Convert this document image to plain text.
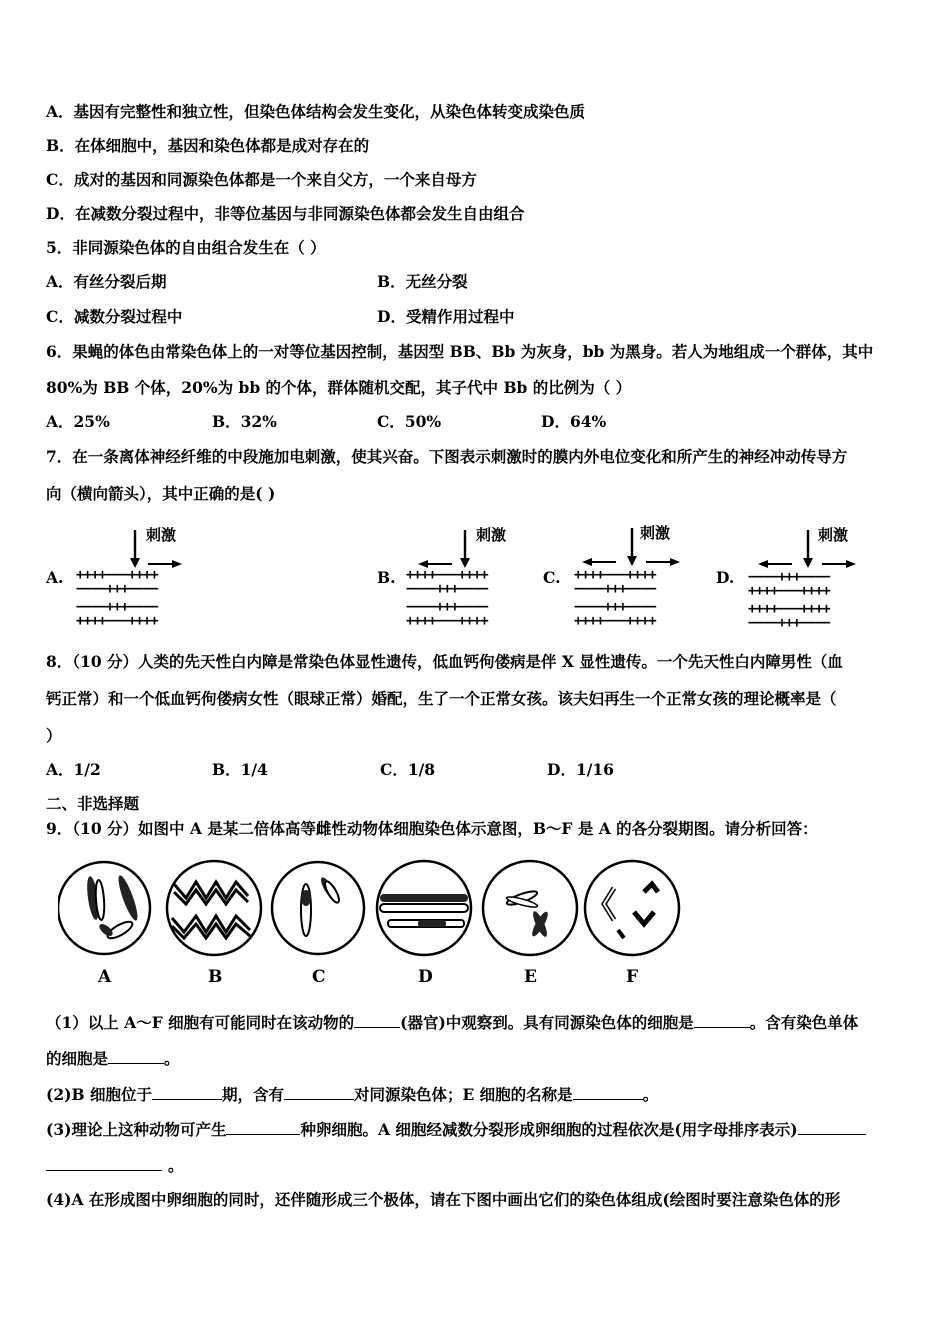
A．基因有完整性和独立性，但染色体结构会发生变化，从染色体转变成染色质
B．在体细胞中，基因和染色体都是成对存在的
C．成对的基因和同源染色体都是一个来自父方，一个来自母方
D．在减数分裂过程中，非等位基因与非同源染色体都会发生自由组合
5．非同源染色体的自由组合发生在（ ）
A．有丝分裂后期	B．无丝分裂
C．减数分裂过程中	D．受精作用过程中
6．果蝇的体色由常染色体上的一对等位基因控制，基因型 BB、Bb 为灰身，bb 为黑身。若人为地组成一个群体，其中
80%为 BB 个体，20%为 bb 的个体，群体随机交配，其子代中 Bb 的比例为（ ）
A．25%	B．32%	C．50%	D．64%
7．在一条离体神经纤维的中段施加电刺激，使其兴奋。下图表示刺激时的膜内外电位变化和所产生的神经冲动传导方
向（横向箭头），其中正确的是( )
A.	B.	C.	D.
刺激
++++−−−++++
−−−−+++−−−−
−−−−+++−−−−
++++−−−++++
刺激
++++−−−++++
−−−−+++−−−−
−−−−+++−−−−
++++−−−++++
刺激
++++−−−++++
−−−−+++−−−−
−−−−+++−−−−
++++−−−++++
刺激
−−−−+++−−−−
++++−−−++++
++++−−−++++
−−−−+++−−−−
8．（10 分）人类的先天性白内障是常染色体显性遗传，低血钙佝偻病是伴 X 显性遗传。一个先天性白内障男性（血
钙正常）和一个低血钙佝偻病女性（眼球正常）婚配，生了一个正常女孩。该夫妇再生一个正常女孩的理论概率是（
）
A．1/2	B．1/4	C．1/8	D．1/16
二、非选择题
9．（10 分）如图中 A 是某二倍体高等雌性动物体细胞染色体示意图，B～F 是 A 的各分裂期图。请分析回答：
A	B	C	D	E	F
（1）以上 A～F 细胞有可能同时在该动物的	(器官)中观察到。具有同源染色体的细胞是	。含有染色单体
的细胞是	。
(2)B 细胞位于	期，含有	对同源染色体；E 细胞的名称是	。
(3)理论上这种动物可产生	种卵细胞。A 细胞经减数分裂形成卵细胞的过程依次是(用字母排序表示)
。
(4)A 在形成图中卵细胞的同时，还伴随形成三个极体，请在下图中画出它们的染色体组成(绘图时要注意染色体的形
